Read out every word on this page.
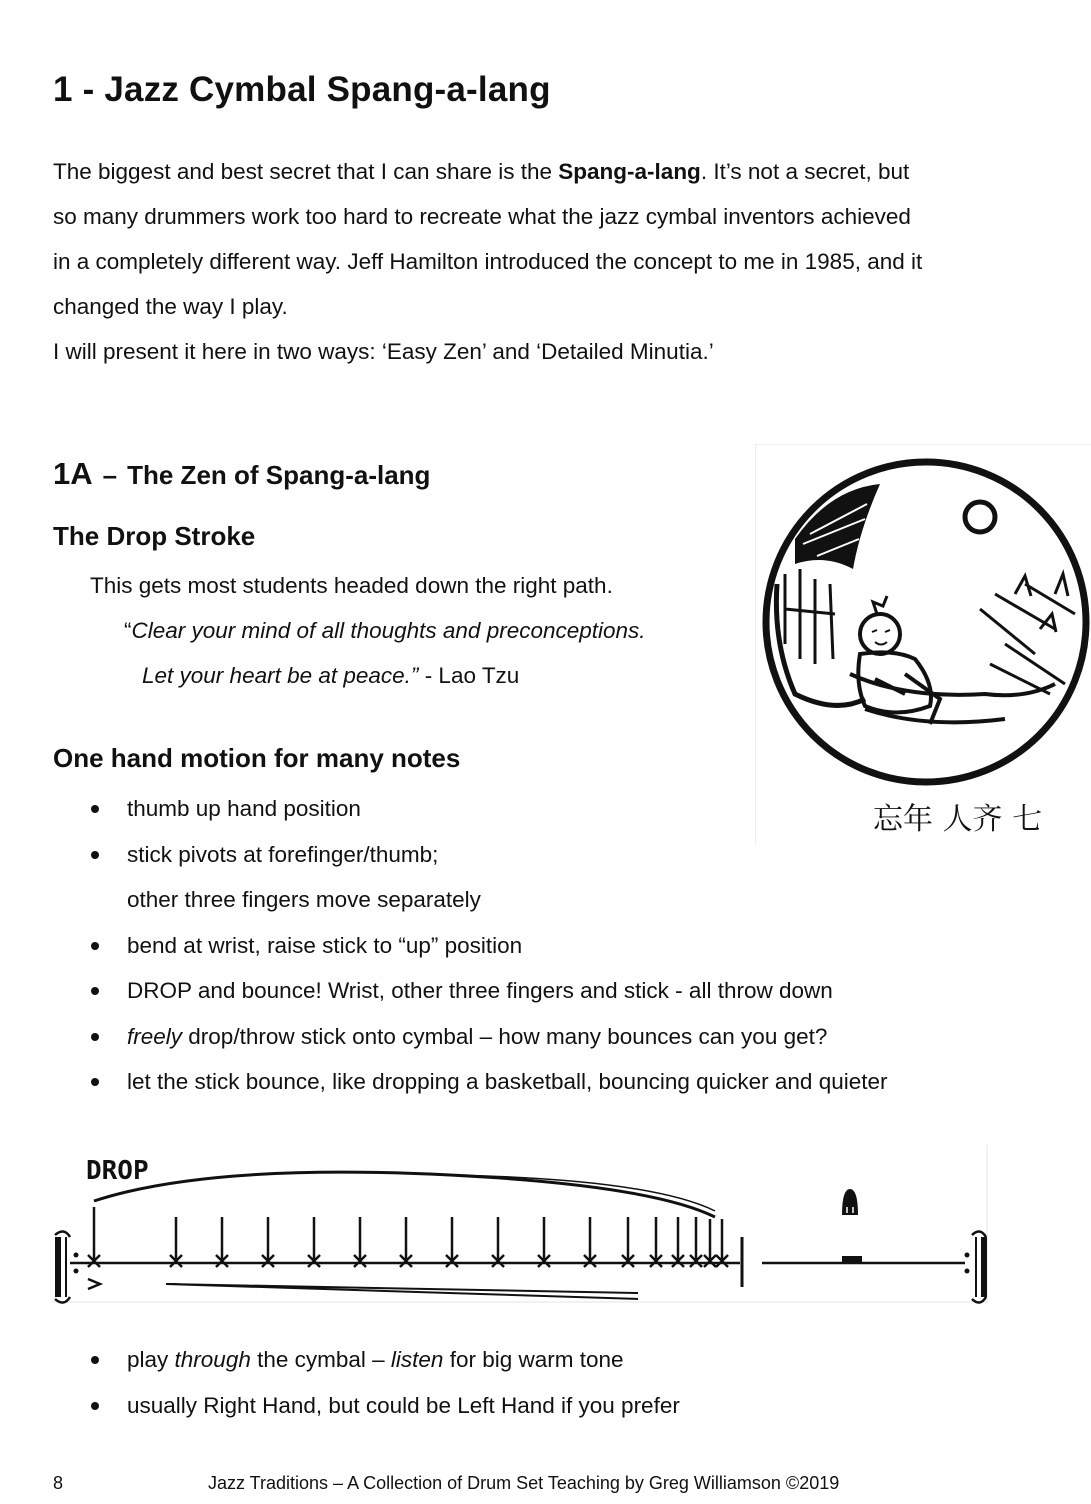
1 - Jazz Cymbal Spang-a-lang
The biggest and best secret that I can share is the Spang-a-lang. It’s not a secret, but
so many drummers work too hard to recreate what the jazz cymbal inventors achieved
in a completely different way. Jeff Hamilton introduced the concept to me in 1985, and it
changed the way I play.
I will present it here in two ways: ‘Easy Zen’ and ‘Detailed Minutia.’
1A – The Zen of Spang-a-lang
The Drop Stroke
This gets most students headed down the right path.
“Clear your mind of all thoughts and preconceptions.
Let your heart be at peace.” - Lao Tzu
One hand motion for many notes
thumb up hand position
stick pivots at forefinger/thumb;
other three fingers move separately
bend at wrist, raise stick to “up” position
DROP and bounce! Wrist, other three fingers and stick - all throw down
freely drop/throw stick onto cymbal – how many bounces can you get?
let the stick bounce, like dropping a basketball, bouncing quicker and quieter
忘年 人齐 七
DROP
play through the cymbal – listen for big warm tone
usually Right Hand, but could be Left Hand if you prefer
8	Jazz Traditions – A Collection of Drum Set Teaching by Greg Williamson ©2019
